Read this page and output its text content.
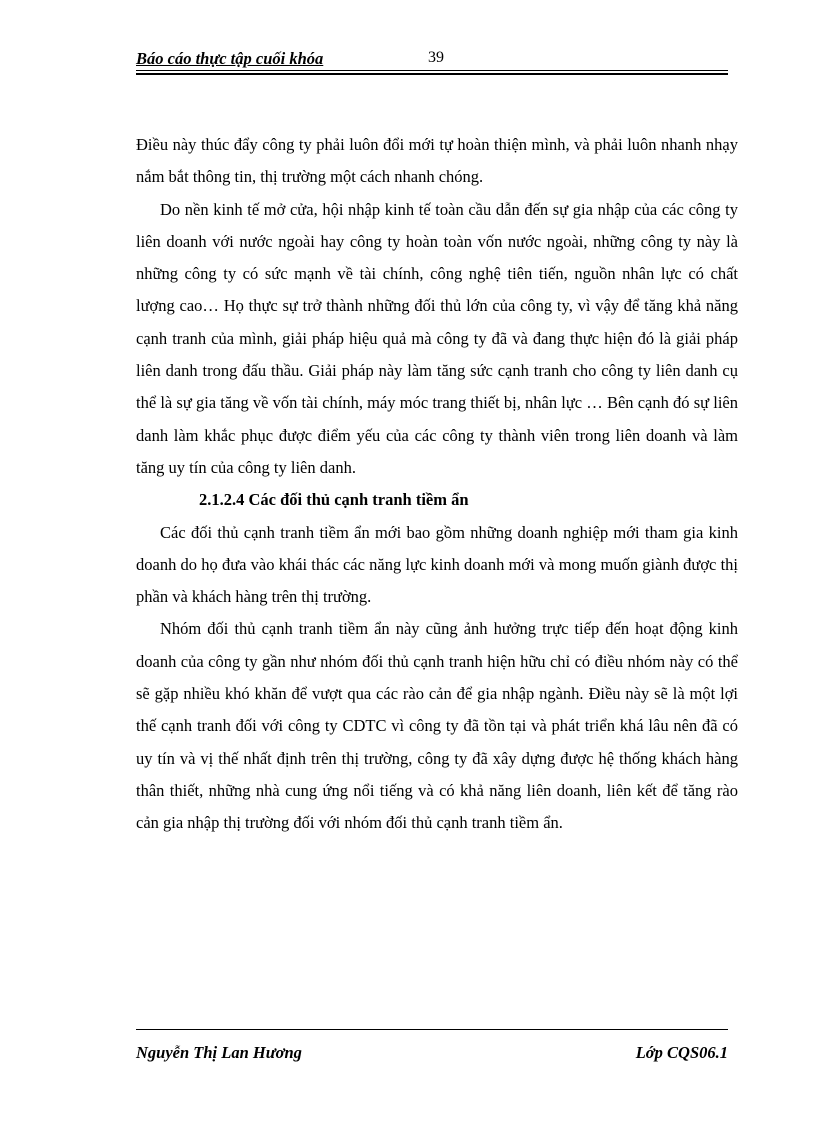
Báo cáo thực tập cuối khóa	39

Điều này thúc đẩy công ty phải luôn đổi mới tự hoàn thiện mình, và phải luôn nhanh nhạy nắm bắt thông tin, thị trường một cách nhanh chóng.

Do nền kinh tế mở cửa, hội nhập kinh tế toàn cầu dẫn đến sự gia nhập của các công ty liên doanh với nước ngoài hay công ty hoàn toàn vốn nước ngoài, những công ty này là những công ty có sức mạnh về tài chính, công nghệ tiên tiến, nguồn nhân lực có chất lượng cao… Họ thực sự trở thành những đối thủ lớn của công ty, vì vậy để tăng khả năng cạnh tranh của mình, giải pháp hiệu quả mà công ty đã và đang thực hiện đó là giải pháp liên danh trong đấu thầu. Giải pháp này làm tăng sức cạnh tranh cho công ty liên danh cụ thể là sự gia tăng về vốn tài chính, máy móc trang thiết bị, nhân lực … Bên cạnh đó sự liên danh làm khắc phục được điểm yếu của các công ty thành viên trong liên doanh và làm tăng uy tín của công ty liên danh.

2.1.2.4 Các đối thủ cạnh tranh tiềm ẩn

Các đối thủ cạnh tranh tiềm ẩn mới bao gồm những doanh nghiệp mới tham gia kinh doanh do họ đưa vào khái thác các năng lực kinh doanh mới và mong muốn giành được thị phần và khách hàng trên thị trường.

Nhóm đối thủ cạnh tranh tiềm ẩn này cũng ảnh hưởng trực tiếp đến hoạt động kinh doanh của công ty gần như nhóm đối thủ cạnh tranh hiện hữu chỉ có điều nhóm này có thể sẽ gặp nhiều khó khăn để vượt qua các rào cản để gia nhập ngành. Điều này sẽ là một lợi thế cạnh tranh đối với công ty CDTC vì công ty đã tồn tại và phát triển khá lâu nên đã có uy tín và vị thế nhất định trên thị trường, công ty đã xây dựng được hệ thống khách hàng thân thiết, những nhà cung ứng nổi tiếng và có khả năng liên doanh, liên kết để tăng rào cản gia nhập thị trường đối với nhóm đối thủ cạnh tranh tiềm ẩn.

Nguyễn Thị Lan Hương	Lớp CQS06.1
